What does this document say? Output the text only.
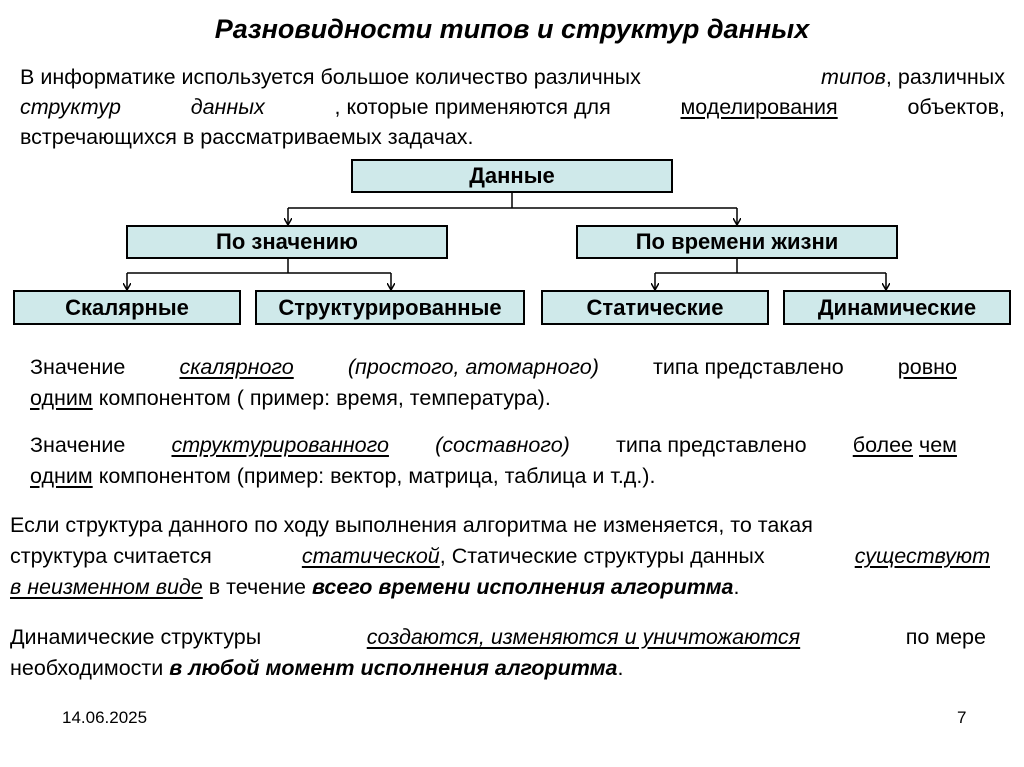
Разновидности типов и структур данных
В информатике используется большое количество различных	типов, различных
структур	данных	, которые применяются для	моделирования	объектов,
встречающихся в рассматриваемых задачах.
Данные
По значению	По времени жизни
Скалярные	Структурированные	Статические	Динамические
Значение	скалярного	(простого, атомарного)	типа представлено	ровно
одним
компонентом ( пример: время, температура).
Значение структурированного (составного) типа представлено более чем
одним
компонентом (пример: вектор, матрица, таблица и т.д.).
Если структура данного по ходу выполнения алгоритма не изменяется, то такая
структура считается	статической, Статические структуры данных	существуют
в неизменном виде
в течение
всего времени исполнения алгоритма .
Динамические структуры	создаются, изменяются и уничтожаются	по мере
необходимости
в любой момент исполнения алгоритма .
14.06.2025	7
